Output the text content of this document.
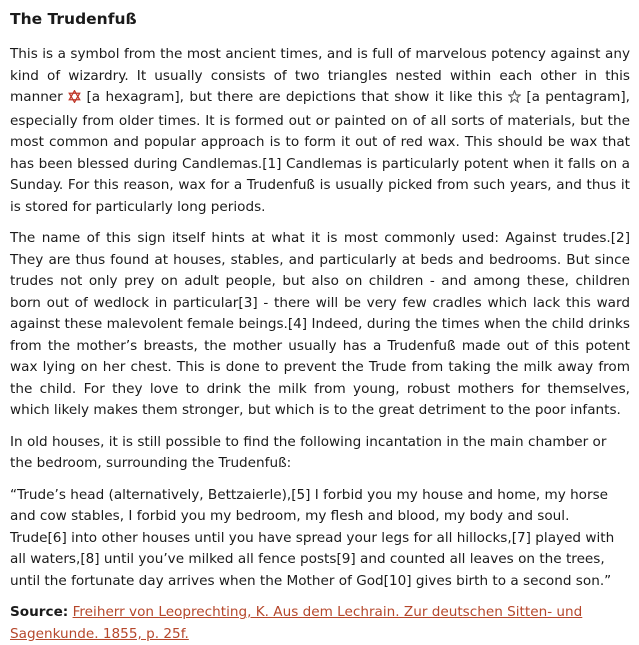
The Trudenfuß

This is a symbol from the most ancient times, and is full of marvelous potency against any kind of wizardry. It usually consists of two triangles nested within each other in this manner  [a hexagram], but there are depictions that show it like this  [a pentagram], especially from older times. It is formed out or painted on of all sorts of materials, but the most common and popular approach is to form it out of red wax. This should be wax that has been blessed during Candlemas.[1] Candlemas is particularly potent when it falls on a Sunday. For this reason, wax for a Trudenfuß is usually picked from such years, and thus it is stored for particularly long periods.

The name of this sign itself hints at what it is most commonly used: Against trudes.[2] They are thus found at houses, stables, and particularly at beds and bedrooms. But since trudes not only prey on adult people, but also on children - and among these, children born out of wedlock in particular[3] - there will be very few cradles which lack this ward against these malevolent female beings.[4] Indeed, during the times when the child drinks from the mother’s breasts, the mother usually has a Trudenfuß made out of this potent wax lying on her chest. This is done to prevent the Trude from taking the milk away from the child. For they love to drink the milk from young, robust mothers for themselves, which likely makes them stronger, but which is to the great detriment to the poor infants.

In old houses, it is still possible to find the following incantation in the main chamber or the bedroom, surrounding the Trudenfuß:

“Trude’s head (alternatively, Bettzaierle),[5] I forbid you my house and home, my horse and cow stables, I forbid you my bedroom, my flesh and blood, my body and soul. Trude[6] into other houses until you have spread your legs for all hillocks,[7] played with all waters,[8] until you’ve milked all fence posts[9] and counted all leaves on the trees, until the fortunate day arrives when the Mother of God[10] gives birth to a second son.”

Source: Freiherr von Leoprechting, K. Aus dem Lechrain. Zur deutschen Sitten- und Sagenkunde. 1855, p. 25f.
